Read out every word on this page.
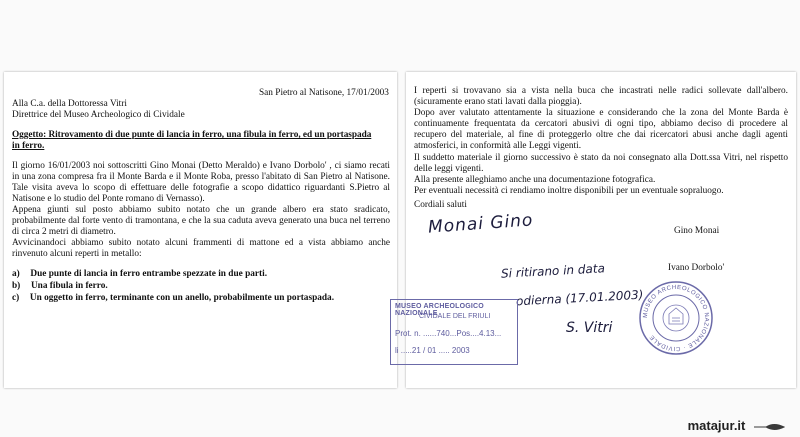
San Pietro al Natisone, 17/01/2003
Alla C.a. della Dottoressa Vitri
Direttrice del Museo Archeologico di Cividale
Oggetto: Ritrovamento di due punte di lancia in ferro, una fibula in ferro, ed un portaspada
in ferro.
Il giorno 16/01/2003 noi sottoscritti Gino Monai (Detto Meraldo) e Ivano Dorbolo' , ci siamo recati in una zona compresa fra il Monte Barda e il Monte Roba, presso l'abitato di San Pietro al Natisone. Tale visita aveva lo scopo di effettuare delle fotografie a scopo didattico riguardanti S.Pietro al Natisone e lo studio del Ponte romano di Vernasso).
Appena giunti sul posto abbiamo subito notato che un grande albero era stato sradicato, probabilmente dal forte vento di tramontana, e che la sua caduta aveva generato una buca nel terreno di circa 2 metri di diametro.
Avvicinandoci abbiamo subito notato alcuni frammenti di mattone ed a vista abbiamo anche rinvenuto alcuni reperti in metallo:
a) Due punte di lancia in ferro entrambe spezzate in due parti.
b) Una fibula in ferro.
c) Un oggetto in ferro, terminante con un anello, probabilmente un portaspada.
I reperti si trovavano sia a vista nella buca che incastrati nelle radici sollevate dall'albero. (sicuramente erano stati lavati dalla pioggia).
Dopo aver valutato attentamente la situazione e considerando che la zona del Monte Barda è continuamente frequentata da cercatori abusivi di ogni tipo, abbiamo deciso di procedere al recupero del materiale, al fine di proteggerlo oltre che dai ricercatori abusi anche dagli agenti atmosferici, in conformità alle Leggi vigenti.
Il suddetto materiale il giorno successivo è stato da noi consegnato alla Dott.ssa Vitri, nel rispetto delle leggi vigenti.
Alla presente alleghiamo anche una documentazione fotografica.
Per eventuali necessità ci rendiamo inoltre disponibili per un eventuale sopraluogo.
Cordiali saluti
Monai Gino	Gino Monai
Si ritirano in data	Ivano Dorbolo'
odierna (17.01.2003)
S. Vitri
MUSEO ARCHEOLOGICO NAZIONALE · CIVIDALE
MUSEO ARCHEOLOGICO NAZIONALE
CIVIDALE DEL FRIULI
Prot. n. ......740...Pos....4.13...
li .....21 / 01 ..... 2003
matajur.it
